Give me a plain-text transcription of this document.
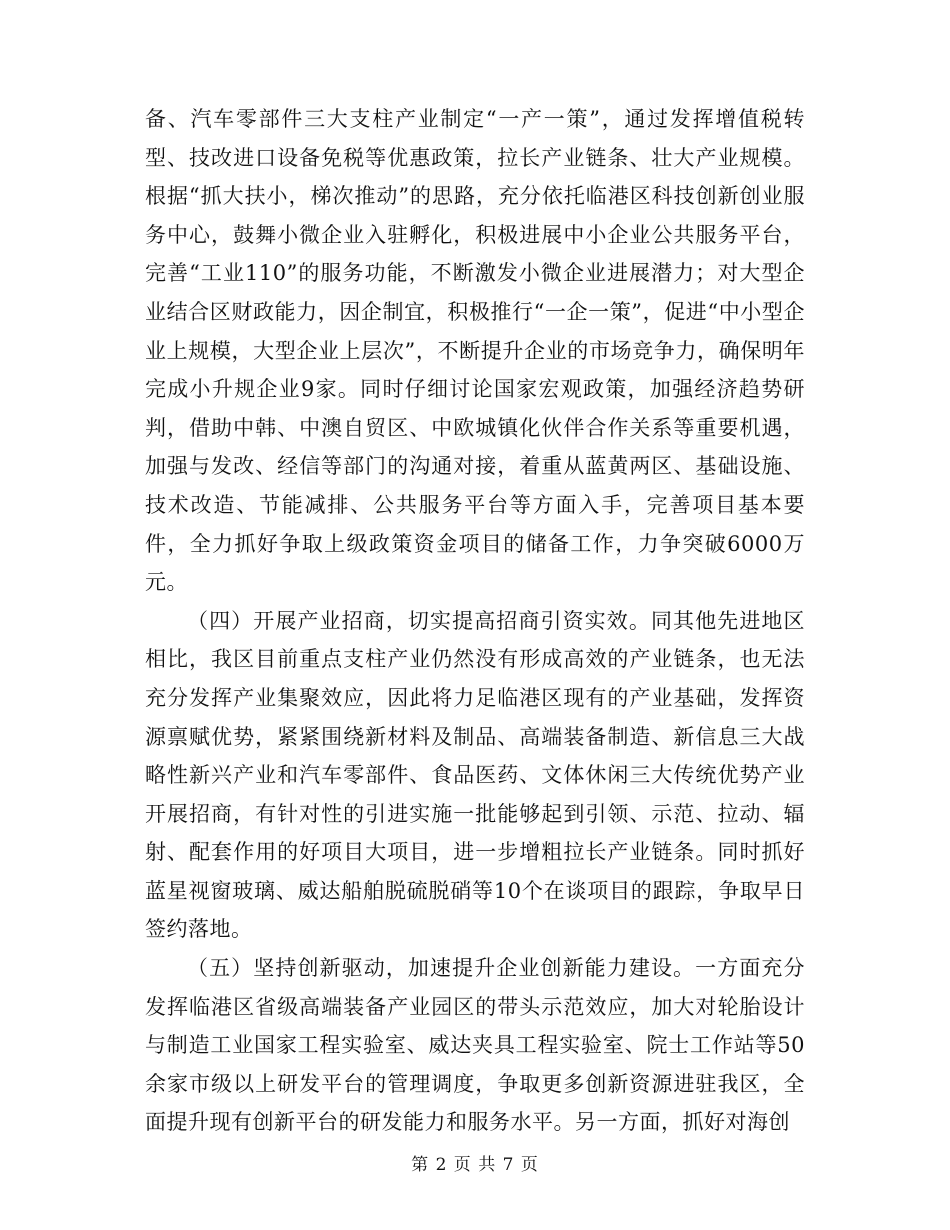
备、汽车零部件三大支柱产业制定“一产一策”，通过发挥增值税转型、技改进口设备免税等优惠政策，拉长产业链条、壮大产业规模。根据“抓大扶小，梯次推动”的思路，充分依托临港区科技创新创业服务中心，鼓舞小微企业入驻孵化，积极进展中小企业公共服务平台，完善“工业110”的服务功能，不断激发小微企业进展潜力；对大型企业结合区财政能力，因企制宜，积极推行“一企一策”，促进“中小型企业上规模，大型企业上层次”，不断提升企业的市场竞争力，确保明年完成小升规企业9家。同时仔细讨论国家宏观政策，加强经济趋势研判，借助中韩、中澳自贸区、中欧城镇化伙伴合作关系等重要机遇，加强与发改、经信等部门的沟通对接，着重从蓝黄两区、基础设施、技术改造、节能减排、公共服务平台等方面入手，完善项目基本要件，全力抓好争取上级政策资金项目的储备工作，力争突破6000万元。

（四）开展产业招商，切实提高招商引资实效。同其他先进地区相比，我区目前重点支柱产业仍然没有形成高效的产业链条，也无法充分发挥产业集聚效应，因此将力足临港区现有的产业基础，发挥资源禀赋优势，紧紧围绕新材料及制品、高端装备制造、新信息三大战略性新兴产业和汽车零部件、食品医药、文体休闲三大传统优势产业开展招商，有针对性的引进实施一批能够起到引领、示范、拉动、辐射、配套作用的好项目大项目，进一步增粗拉长产业链条。同时抓好蓝星视窗玻璃、威达船舶脱硫脱硝等10个在谈项目的跟踪，争取早日签约落地。

（五）坚持创新驱动，加速提升企业创新能力建设。一方面充分发挥临港区省级高端装备产业园区的带头示范效应，加大对轮胎设计与制造工业国家工程实验室、威达夹具工程实验室、院士工作站等50余家市级以上研发平台的管理调度，争取更多创新资源进驻我区，全面提升现有创新平台的研发能力和服务水平。另一方面，抓好对海创

第 2 页 共 7 页
